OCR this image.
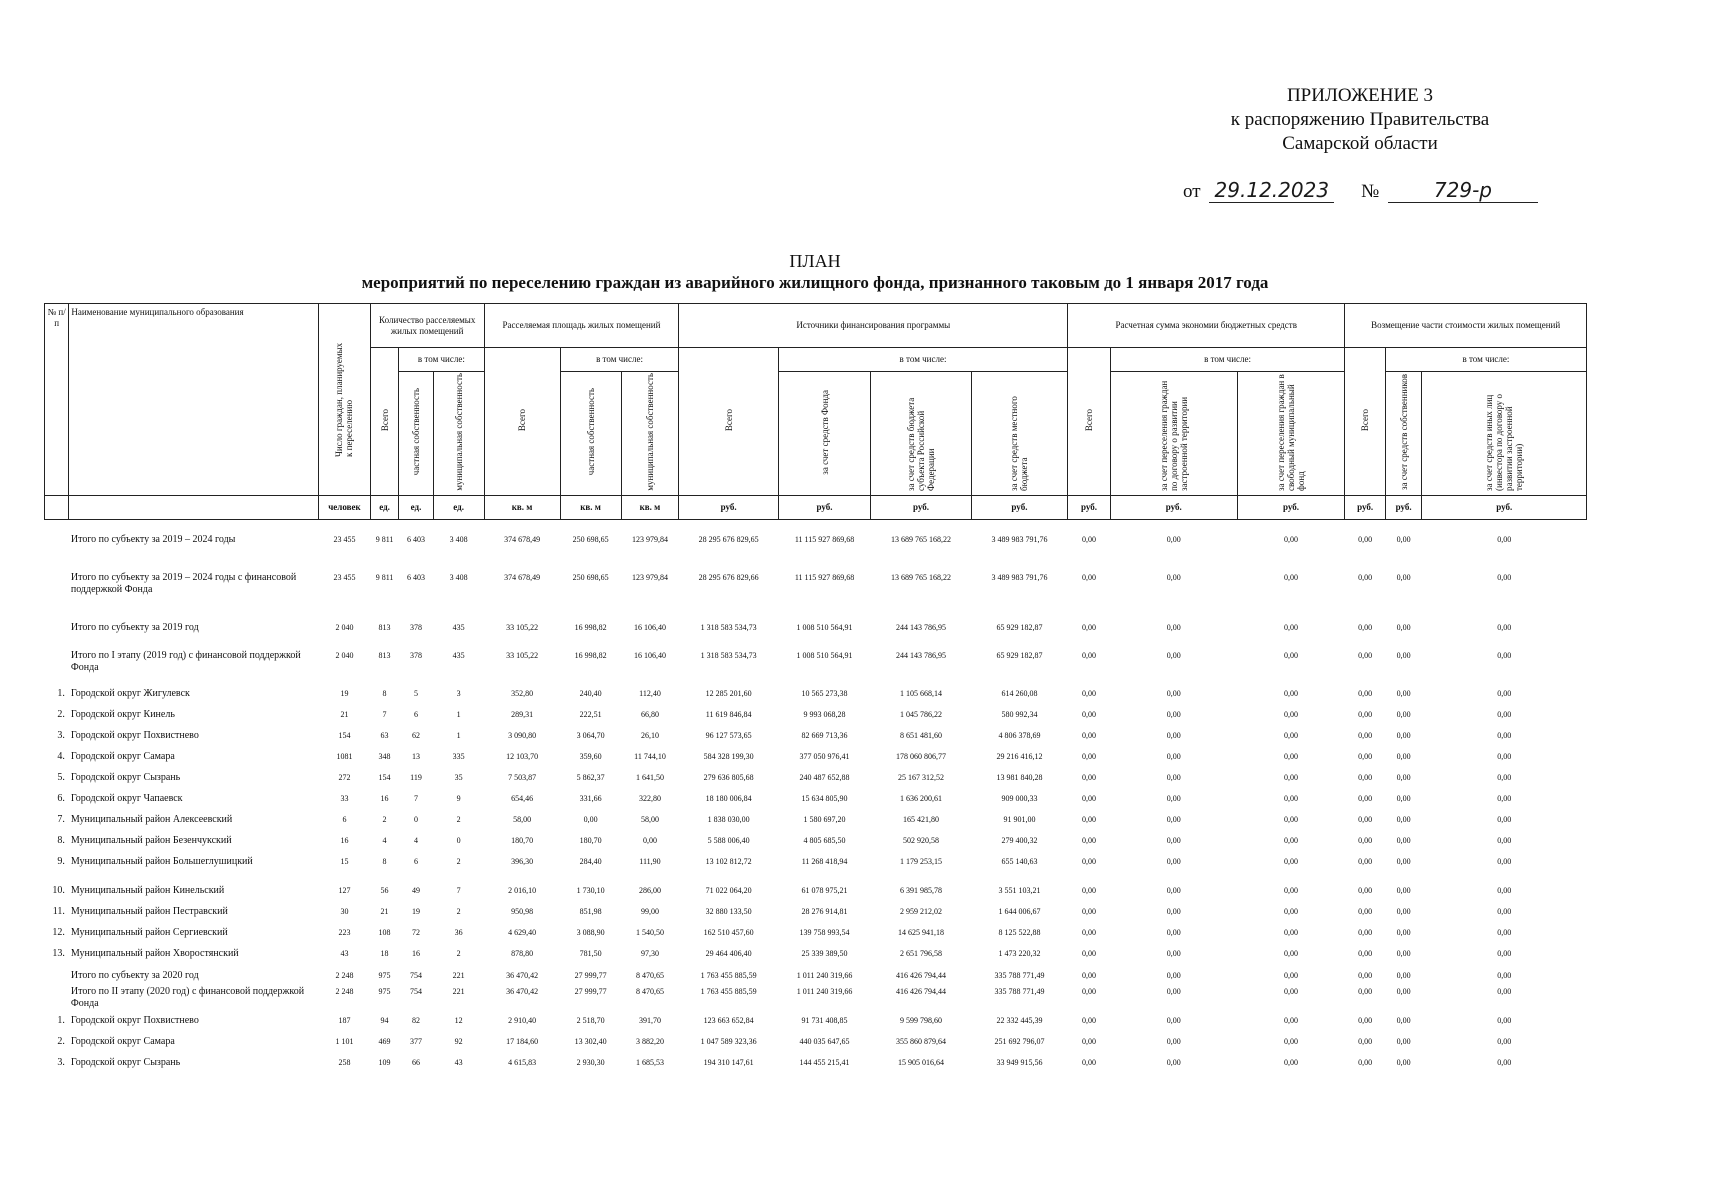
ПРИЛОЖЕНИЕ 3
к распоряжению Правительства
Самарской области
от 29.12.2023 №	729-р
ПЛАН
мероприятий по переселению граждан из аварийного жилищного фонда, признанного таковым до 1 января 2017 года
№ п/п	Наименование муниципального образования	Число граждан, планируемых к переселению	Количество расселяемых жилых помещений			Расселяемая площадь жилых помещений			Источники финансирования программы				Расчетная сумма экономии бюджетных средств			Возмещение части стоимости жилых помещений		
			Всего	в том числе:		Всего	в том числе:		Всего	в том числе:			Всего	в том числе:		Всего	в том числе:	
				частная собственность	муниципальная собственность		частная собственность	муниципальная собственность		за счет средств Фонда	за счет средств бюджета субъекта Российской Федерации	за счет средств местного бюджета		за счет переселения граждан по договору о развитии застроенной территории	за счет переселения граждан в свободный муниципальный фонд		за счет средств собственников	за счет средств иных лиц (инвестора по договору о развитии застроенной территории)
		человек	ед.	ед.	ед.	кв. м	кв. м	кв. м	руб.	руб.	руб.	руб.	руб.	руб.	руб.	руб.	руб.	руб.

	Итого по субъекту за 2019 – 2024 годы	23 455	9 811	6 403	3 408	374 678,49	250 698,65	123 979,84	28 295 676 829,65	11 115 927 869,68	13 689 765 168,22	3 489 983 791,76	0,00	0,00	0,00	0,00	0,00	0,00
	Итого по субъекту за 2019 – 2024 годы с финансовой поддержкой Фонда	23 455	9 811	6 403	3 408	374 678,49	250 698,65	123 979,84	28 295 676 829,66	11 115 927 869,68	13 689 765 168,22	3 489 983 791,76	0,00	0,00	0,00	0,00	0,00	0,00
	Итого по субъекту за 2019 год	2 040	813	378	435	33 105,22	16 998,82	16 106,40	1 318 583 534,73	1 008 510 564,91	244 143 786,95	65 929 182,87	0,00	0,00	0,00	0,00	0,00	0,00
	Итого по I этапу (2019 год) с финансовой поддержкой Фонда	2 040	813	378	435	33 105,22	16 998,82	16 106,40	1 318 583 534,73	1 008 510 564,91	244 143 786,95	65 929 182,87	0,00	0,00	0,00	0,00	0,00	0,00
1.	Городской округ Жигулевск	19	8	5	3	352,80	240,40	112,40	12 285 201,60	10 565 273,38	1 105 668,14	614 260,08	0,00	0,00	0,00	0,00	0,00	0,00
2.	Городской округ Кинель	21	7	6	1	289,31	222,51	66,80	11 619 846,84	9 993 068,28	1 045 786,22	580 992,34	0,00	0,00	0,00	0,00	0,00	0,00
3.	Городской округ Похвистнево	154	63	62	1	3 090,80	3 064,70	26,10	96 127 573,65	82 669 713,36	8 651 481,60	4 806 378,69	0,00	0,00	0,00	0,00	0,00	0,00
4.	Городской округ Самара	1081	348	13	335	12 103,70	359,60	11 744,10	584 328 199,30	377 050 976,41	178 060 806,77	29 216 416,12	0,00	0,00	0,00	0,00	0,00	0,00
5.	Городской округ Сызрань	272	154	119	35	7 503,87	5 862,37	1 641,50	279 636 805,68	240 487 652,88	25 167 312,52	13 981 840,28	0,00	0,00	0,00	0,00	0,00	0,00
6.	Городской округ Чапаевск	33	16	7	9	654,46	331,66	322,80	18 180 006,84	15 634 805,90	1 636 200,61	909 000,33	0,00	0,00	0,00	0,00	0,00	0,00
7.	Муниципальный район Алексеевский	6	2	0	2	58,00	0,00	58,00	1 838 030,00	1 580 697,20	165 421,80	91 901,00	0,00	0,00	0,00	0,00	0,00	0,00
8.	Муниципальный район Безенчукский	16	4	4	0	180,70	180,70	0,00	5 588 006,40	4 805 685,50	502 920,58	279 400,32	0,00	0,00	0,00	0,00	0,00	0,00
9.	Муниципальный район Большеглушицкий	15	8	6	2	396,30	284,40	111,90	13 102 812,72	11 268 418,94	1 179 253,15	655 140,63	0,00	0,00	0,00	0,00	0,00	0,00
10.	Муниципальный район Кинельский	127	56	49	7	2 016,10	1 730,10	286,00	71 022 064,20	61 078 975,21	6 391 985,78	3 551 103,21	0,00	0,00	0,00	0,00	0,00	0,00
11.	Муниципальный район Пестравский	30	21	19	2	950,98	851,98	99,00	32 880 133,50	28 276 914,81	2 959 212,02	1 644 006,67	0,00	0,00	0,00	0,00	0,00	0,00
12.	Муниципальный район Сергиевский	223	108	72	36	4 629,40	3 088,90	1 540,50	162 510 457,60	139 758 993,54	14 625 941,18	8 125 522,88	0,00	0,00	0,00	0,00	0,00	0,00
13.	Муниципальный район Хворостянский	43	18	16	2	878,80	781,50	97,30	29 464 406,40	25 339 389,50	2 651 796,58	1 473 220,32	0,00	0,00	0,00	0,00	0,00	0,00
	Итого по субъекту за 2020 год	2 248	975	754	221	36 470,42	27 999,77	8 470,65	1 763 455 885,59	1 011 240 319,66	416 426 794,44	335 788 771,49	0,00	0,00	0,00	0,00	0,00	0,00
	Итого по II этапу (2020 год) с финансовой поддержкой Фонда	2 248	975	754	221	36 470,42	27 999,77	8 470,65	1 763 455 885,59	1 011 240 319,66	416 426 794,44	335 788 771,49	0,00	0,00	0,00	0,00	0,00	0,00
1.	Городской округ Похвистнево	187	94	82	12	2 910,40	2 518,70	391,70	123 663 652,84	91 731 408,85	9 599 798,60	22 332 445,39	0,00	0,00	0,00	0,00	0,00	0,00
2.	Городской округ Самара	1 101	469	377	92	17 184,60	13 302,40	3 882,20	1 047 589 323,36	440 035 647,65	355 860 879,64	251 692 796,07	0,00	0,00	0,00	0,00	0,00	0,00
3.	Городской округ Сызрань	258	109	66	43	4 615,83	2 930,30	1 685,53	194 310 147,61	144 455 215,41	15 905 016,64	33 949 915,56	0,00	0,00	0,00	0,00	0,00	0,00
